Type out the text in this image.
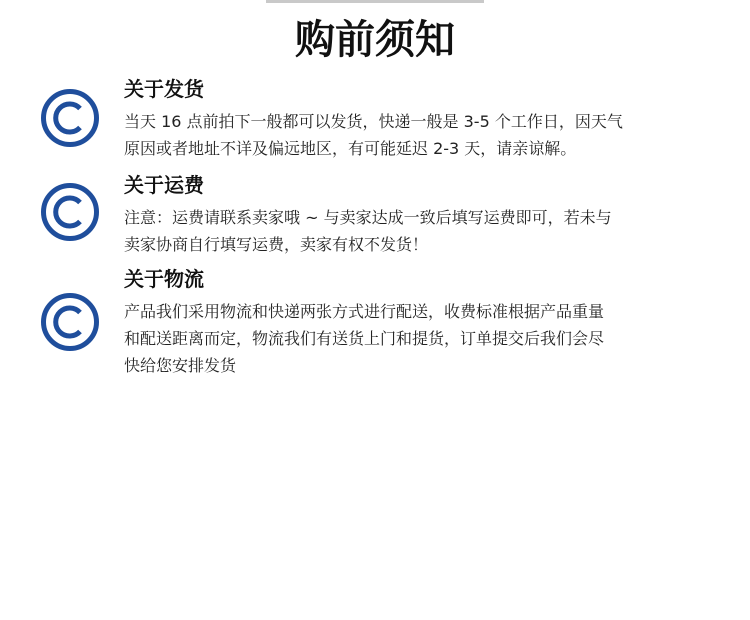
购前须知
关于发货
当天 16 点前拍下一般都可以发货，快递一般是 3-5 个工作日，因天气
原因或者地址不详及偏远地区，有可能延迟 2-3 天，请亲谅解。
关于运费
注意：运费请联系卖家哦 ~ 与卖家达成一致后填写运费即可，若未与
卖家协商自行填写运费，卖家有权不发货！
关于物流
产品我们采用物流和快递两张方式进行配送，收费标准根据产品重量
和配送距离而定，物流我们有送货上门和提货，订单提交后我们会尽
快给您安排发货
